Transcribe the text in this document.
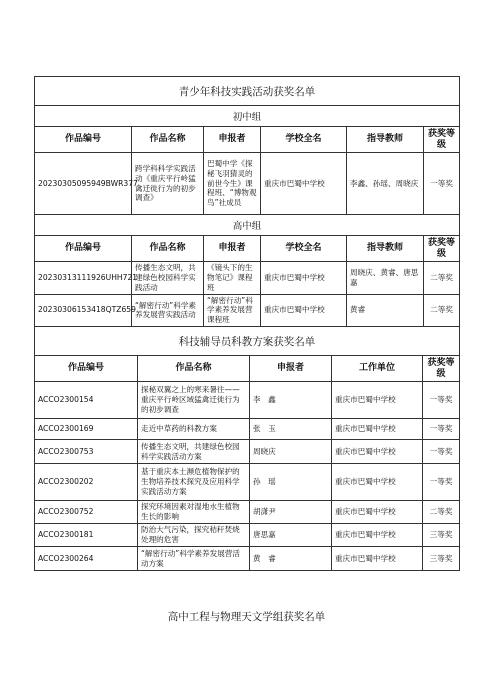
青少年科技实践活动获奖名单					
初中组					
作品编号	作品名称	申报者	学校全名	指导教师	获奖等级
20230305095949BWR377	跨学科科学实践活动《重庆平行岭猛禽迁徙行为的初步调查》	巴蜀中学《探秘飞羽猜灵的前世今生》课程班、“博物观鸟”社成员	重庆市巴蜀中学校	李鑫、孙瑶、周晓庆	一等奖
高中组					
作品编号	作品名称	申报者	学校全名	指导教师	获奖等级
20230313111926UHH721	传播生态文明，共建绿色校园科学实践活动	《镜头下的生物笔记》课程班	重庆市巴蜀中学校	周晓庆、黄睿、唐思嘉	二等奖
20230306153418QTZ659	“解密行动”科学素养发展营实践活动	“解密行动”科学素养发展营课程班	重庆市巴蜀中学校	黄睿	二等奖
科技辅导员科教方案获奖名单				
作品编号	作品名称	申报者	工作单位	获奖等级
ACCO2300154	探秘双翼之上的寒来暑往——重庆平行岭区域猛禽迁徙行为的初步调查	李　鑫	重庆市巴蜀中学校	一等奖
ACCO2300169	走近中草药的科教方案	张　玉	重庆市巴蜀中学校	一等奖
ACCO2300753	传播生态文明，共建绿色校园科学实践活动方案	周晓庆	重庆市巴蜀中学校	一等奖
ACCO2300202	基于重庆本土濒危植物保护的生物培养技术探究及应用科学实践活动方案	孙　瑶	重庆市巴蜀中学校	一等奖
ACCO2300752	探究环境因素对湿地水生植物生长的影响	胡潇尹	重庆市巴蜀中学校	二等奖
ACCO2300181	防治大气污染，探究秸秆焚烧处理的危害	唐思嘉	重庆市巴蜀中学校	三等奖
ACCO2300264	“解密行动”科学素养发展营活动方案	黄　睿	重庆市巴蜀中学校	三等奖
高中工程与物理天文学组获奖名单
